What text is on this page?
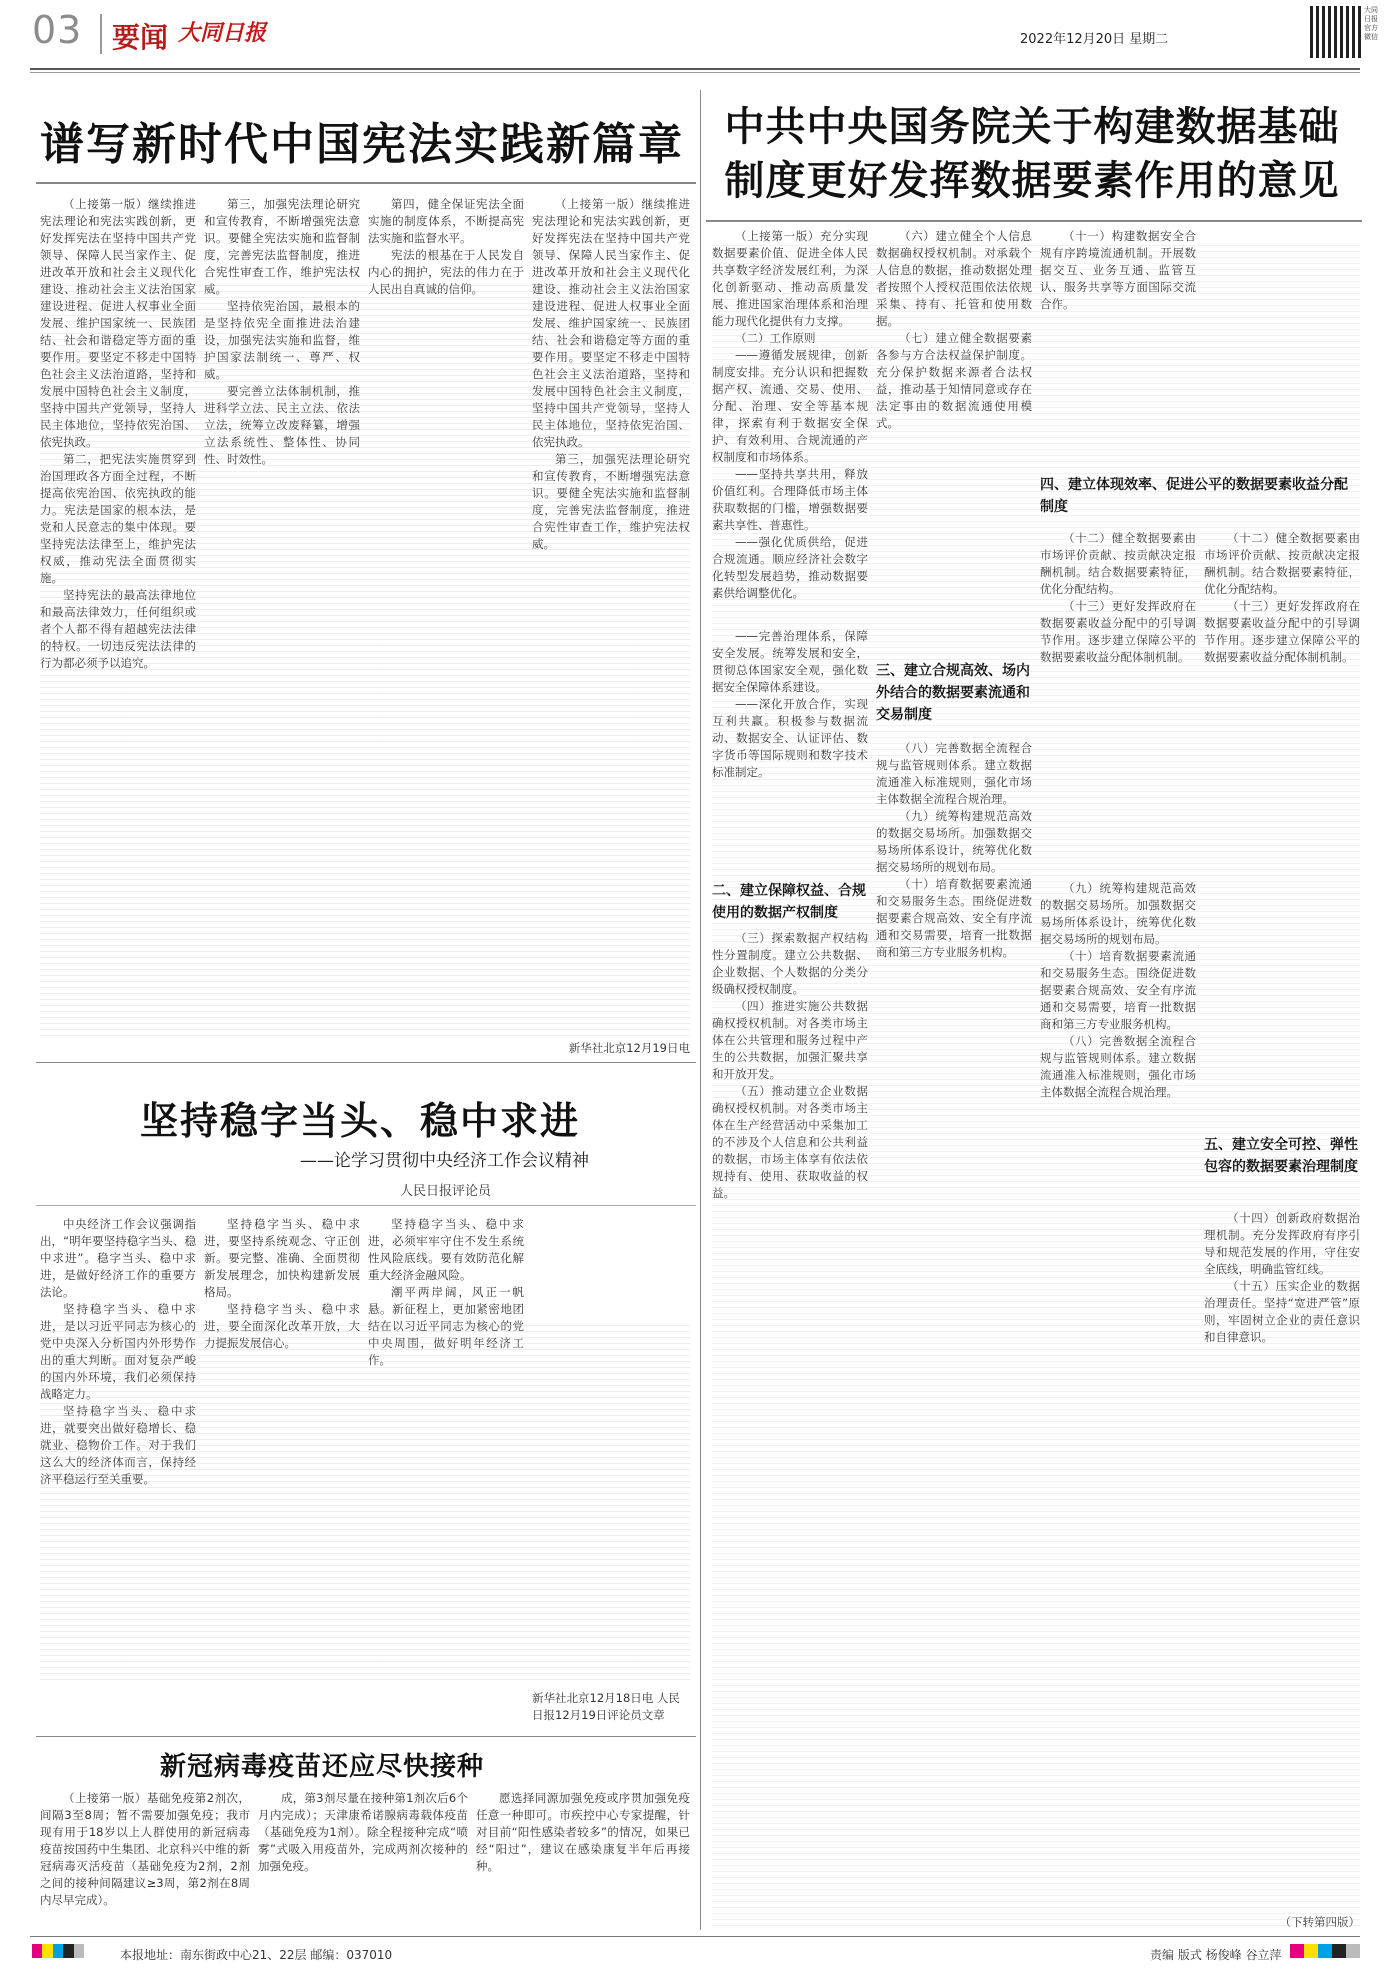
03 要闻 大同日报	2022年12月20日 星期二
大同日报官方微信
谱写新时代中国宪法实践新篇章

（上接第一版）继续推进宪法理论和宪法实践创新，更好发挥宪法在坚持中国共产党领导、保障人民当家作主、促进改革开放和社会主义现代化建设、推动社会主义法治国家建设进程、促进人权事业全面发展、维护国家统一、民族团结、社会和谐稳定等方面的重要作用。要坚定不移走中国特色社会主义法治道路，坚持和发展中国特色社会主义制度，坚持中国共产党领导，坚持人民主体地位，坚持依宪治国、依宪执政。

第二，把宪法实施贯穿到治国理政各方面全过程，不断提高依宪治国、依宪执政的能力。宪法是国家的根本法，是党和人民意志的集中体现。要坚持宪法法律至上，维护宪法权威，推动宪法全面贯彻实施。

坚持宪法的最高法律地位和最高法律效力，任何组织或者个人都不得有超越宪法法律的特权。一切违反宪法法律的行为都必须予以追究。

第三，加强宪法理论研究和宣传教育，不断增强宪法意识。要健全宪法实施和监督制度，完善宪法监督制度，推进合宪性审查工作，维护宪法权威。

坚持依宪治国，最根本的是坚持依宪全面推进法治建设，加强宪法实施和监督，维护国家法制统一、尊严、权威。

要完善立法体制机制，推进科学立法、民主立法、依法立法，统筹立改废释纂，增强立法系统性、整体性、协同性、时效性。

第四，健全保证宪法全面实施的制度体系，不断提高宪法实施和监督水平。

宪法的根基在于人民发自内心的拥护，宪法的伟力在于人民出自真诚的信仰。

（上接第一版）继续推进宪法理论和宪法实践创新，更好发挥宪法在坚持中国共产党领导、保障人民当家作主、促进改革开放和社会主义现代化建设、推动社会主义法治国家建设进程、促进人权事业全面发展、维护国家统一、民族团结、社会和谐稳定等方面的重要作用。要坚定不移走中国特色社会主义法治道路，坚持和发展中国特色社会主义制度，坚持中国共产党领导，坚持人民主体地位，坚持依宪治国、依宪执政。

第三，加强宪法理论研究和宣传教育，不断增强宪法意识。要健全宪法实施和监督制度，完善宪法监督制度，推进合宪性审查工作，维护宪法权威。

新华社北京12月19日电
坚持稳字当头、稳中求进
——论学习贯彻中央经济工作会议精神
人民日报评论员

中央经济工作会议强调指出，“明年要坚持稳字当头、稳中求进”。稳字当头、稳中求进，是做好经济工作的重要方法论。

坚持稳字当头、稳中求进，是以习近平同志为核心的党中央深入分析国内外形势作出的重大判断。面对复杂严峻的国内外环境，我们必须保持战略定力。

坚持稳字当头、稳中求进，就要突出做好稳增长、稳就业、稳物价工作。对于我们这么大的经济体而言，保持经济平稳运行至关重要。

坚持稳字当头、稳中求进，要坚持系统观念、守正创新。要完整、准确、全面贯彻新发展理念，加快构建新发展格局。

坚持稳字当头、稳中求进，要全面深化改革开放，大力提振发展信心。

坚持稳字当头、稳中求进，必须牢牢守住不发生系统性风险底线。要有效防范化解重大经济金融风险。

潮平两岸阔，风正一帆悬。新征程上，更加紧密地团结在以习近平同志为核心的党中央周围，做好明年经济工作。

新华社北京12月18日电 人民日报12月19日评论员文章
新冠病毒疫苗还应尽快接种

（上接第一版）基础免疫第2剂次，间隔3至8周；暂不需要加强免疫；我市现有用于18岁以上人群使用的新冠病毒疫苗按国药中生集团、北京科兴中维的新冠病毒灭活疫苗（基础免疫为2剂，2剂之间的接种间隔建议≥3周，第2剂在8周内尽早完成）。

成，第3剂尽量在接种第1剂次后6个月内完成）；天津康希诺腺病毒载体疫苗（基础免疫为1剂）。除全程接种完成“喷雾”式吸入用疫苗外，完成两剂次接种的加强免疫。

愿选择同源加强免疫或序贯加强免疫任意一种即可。市疾控中心专家提醒，针对目前“阳性感染者较多”的情况，如果已经“阳过”，建议在感染康复半年后再接种。

中共中央国务院关于构建数据基础制度更好发挥数据要素作用的意见

（上接第一版）充分实现数据要素价值、促进全体人民共享数字经济发展红利，为深化创新驱动、推动高质量发展、推进国家治理体系和治理能力现代化提供有力支撑。

（二）工作原则

——遵循发展规律，创新制度安排。充分认识和把握数据产权、流通、交易、使用、分配、治理、安全等基本规律，探索有利于数据安全保护、有效利用、合规流通的产权制度和市场体系。

——坚持共享共用，释放价值红利。合理降低市场主体获取数据的门槛，增强数据要素共享性、普惠性。

——强化优质供给，促进合规流通。顺应经济社会数字化转型发展趋势，推动数据要素供给调整优化。

——完善治理体系，保障安全发展。统筹发展和安全，贯彻总体国家安全观，强化数据安全保障体系建设。

——深化开放合作，实现互利共赢。积极参与数据流动、数据安全、认证评估、数字货币等国际规则和数字技术标准制定。

二、建立保障权益、合规使用的数据产权制度

（三）探索数据产权结构性分置制度。建立公共数据、企业数据、个人数据的分类分级确权授权制度。

（四）推进实施公共数据确权授权机制。对各类市场主体在公共管理和服务过程中产生的公共数据，加强汇聚共享和开放开发。

（五）推动建立企业数据确权授权机制。对各类市场主体在生产经营活动中采集加工的不涉及个人信息和公共利益的数据，市场主体享有依法依规持有、使用、获取收益的权益。

（六）建立健全个人信息数据确权授权机制。对承载个人信息的数据，推动数据处理者按照个人授权范围依法依规采集、持有、托管和使用数据。

（七）建立健全数据要素各参与方合法权益保护制度。充分保护数据来源者合法权益，推动基于知情同意或存在法定事由的数据流通使用模式。

三、建立合规高效、场内外结合的数据要素流通和交易制度

（八）完善数据全流程合规与监管规则体系。建立数据流通准入标准规则，强化市场主体数据全流程合规治理。

（九）统筹构建规范高效的数据交易场所。加强数据交易场所体系设计，统筹优化数据交易场所的规划布局。

（十）培育数据要素流通和交易服务生态。围绕促进数据要素合规高效、安全有序流通和交易需要，培育一批数据商和第三方专业服务机构。

（十一）构建数据安全合规有序跨境流通机制。开展数据交互、业务互通、监管互认、服务共享等方面国际交流合作。

四、建立体现效率、促进公平的数据要素收益分配制度

（十二）健全数据要素由市场评价贡献、按贡献决定报酬机制。结合数据要素特征，优化分配结构。

（十三）更好发挥政府在数据要素收益分配中的引导调节作用。逐步建立保障公平的数据要素收益分配体制机制。

五、建立安全可控、弹性包容的数据要素治理制度

（十二）健全数据要素由市场评价贡献、按贡献决定报酬机制。结合数据要素特征，优化分配结构。

（十三）更好发挥政府在数据要素收益分配中的引导调节作用。逐步建立保障公平的数据要素收益分配体制机制。

（十四）创新政府数据治理机制。充分发挥政府有序引导和规范发展的作用，守住安全底线，明确监管红线。

（十五）压实企业的数据治理责任。坚持“宽进严管”原则，牢固树立企业的责任意识和自律意识。

（下转第四版）

（九）统筹构建规范高效的数据交易场所。加强数据交易场所体系设计，统筹优化数据交易场所的规划布局。

（十）培育数据要素流通和交易服务生态。围绕促进数据要素合规高效、安全有序流通和交易需要，培育一批数据商和第三方专业服务机构。

（八）完善数据全流程合规与监管规则体系。建立数据流通准入标准规则，强化市场主体数据全流程合规治理。

本报地址：南东街政中心21、22层 邮编：037010	责编 版式 杨俊峰 谷立萍
